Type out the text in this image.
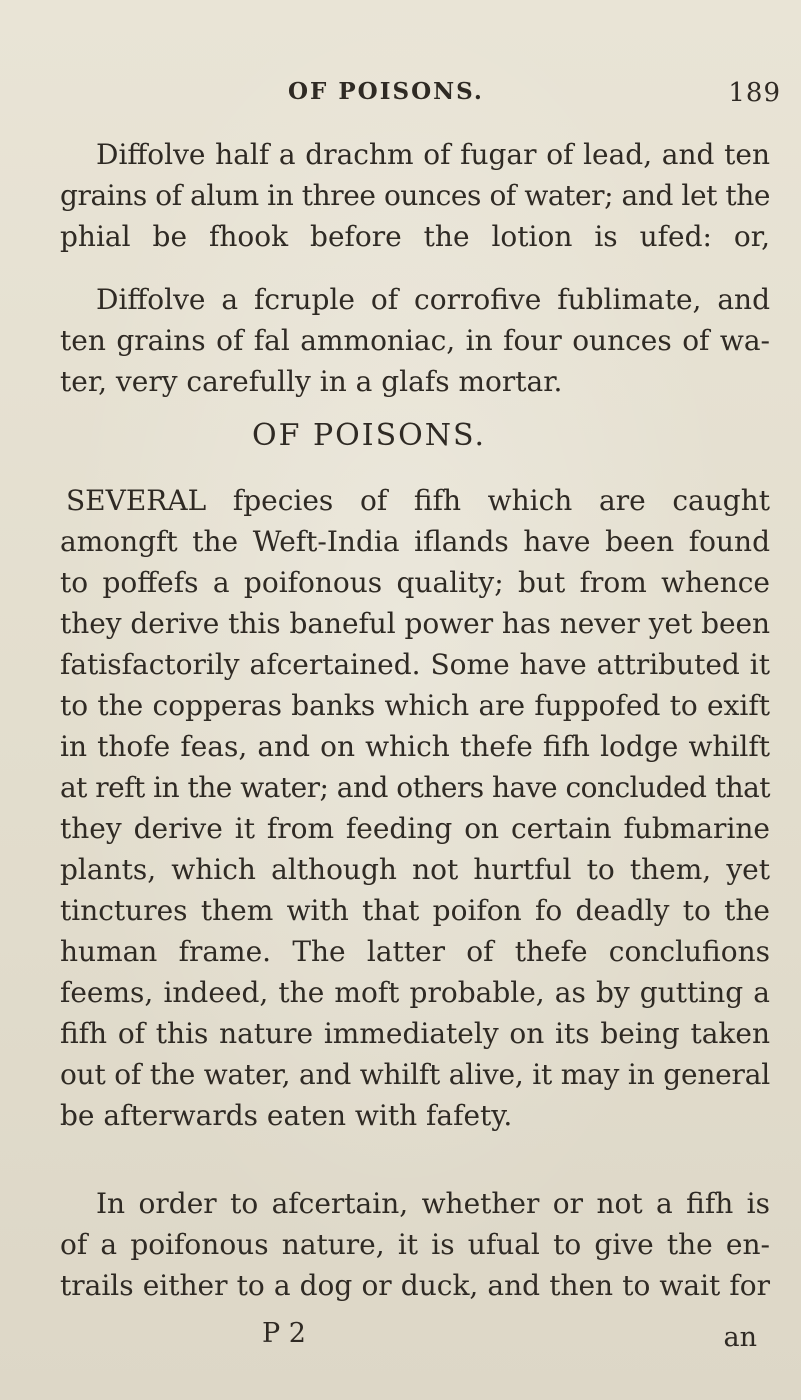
OF POISONS.	189
Diffolve half a drachm of fugar of lead, and ten
grains of alum in three ounces of water; and let the
phial be fhook before the lotion is ufed: or,
Diffolve a fcruple of corrofive fublimate, and
ten grains of fal ammoniac, in four ounces of wa-
ter, very carefully in a glafs mortar.
OF POISONS.
SEVERAL fpecies of fifh which are caught
amongft the Weft-India iflands have been found
to poffefs a poifonous quality; but from whence
they derive this baneful power has never yet been
fatisfactorily afcertained. Some have attributed it
to the copperas banks which are fuppofed to exift
in thofe feas, and on which thefe fifh lodge whilft
at reft in the water; and others have concluded that
they derive it from feeding on certain fubmarine
plants, which although not hurtful to them, yet
tinctures them with that poifon fo deadly to the
human frame. The latter of thefe conclufions
feems, indeed, the moft probable, as by gutting a
fifh of this nature immediately on its being taken
out of the water, and whilft alive, it may in general
be afterwards eaten with fafety.
In order to afcertain, whether or not a fifh is
of a poifonous nature, it is ufual to give the en-
trails either to a dog or duck, and then to wait for
P 2	an
